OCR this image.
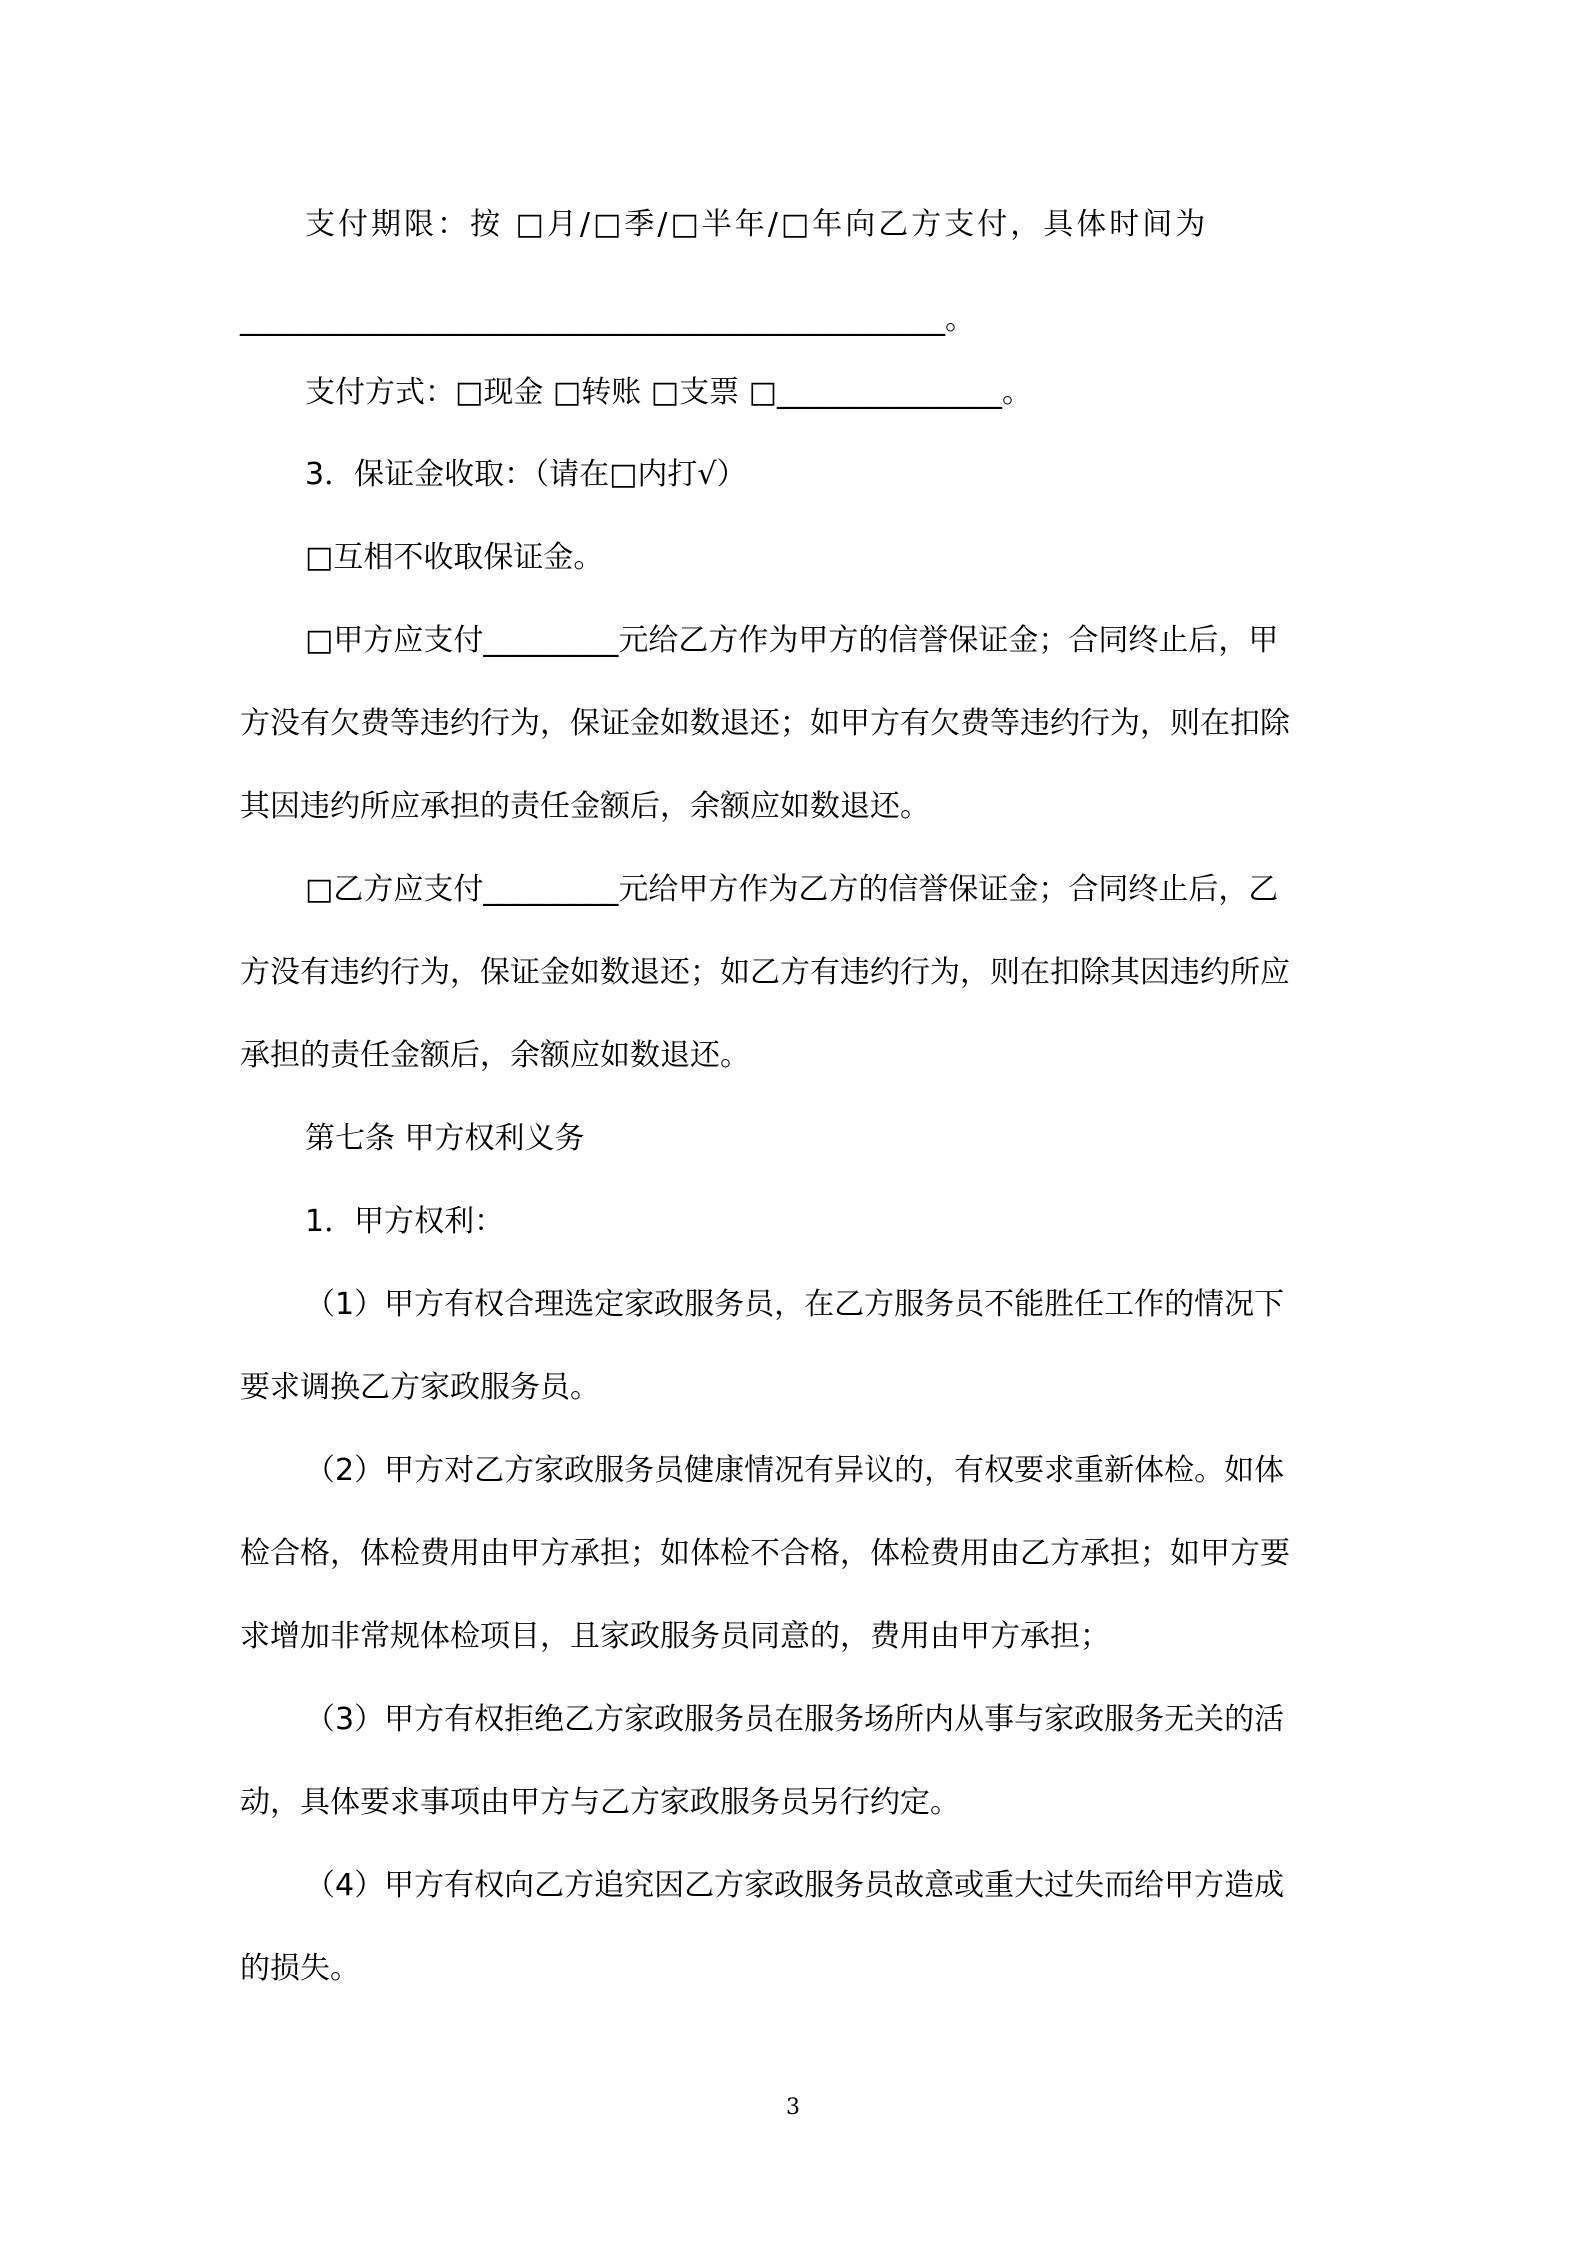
支付期限：按 □月/□季/□半年/□年向乙方支付，具体时间为
_______________________________________________。
支付方式：□现金 □转账 □支票 □_______________。
3．保证金收取：（请在□内打√）
□互相不收取保证金。
□甲方应支付_________元给乙方作为甲方的信誉保证金；合同终止后，甲
方没有欠费等违约行为，保证金如数退还；如甲方有欠费等违约行为，则在扣除
其因违约所应承担的责任金额后，余额应如数退还。
□乙方应支付_________元给甲方作为乙方的信誉保证金；合同终止后，乙
方没有违约行为，保证金如数退还；如乙方有违约行为，则在扣除其因违约所应
承担的责任金额后，余额应如数退还。
第七条 甲方权利义务
1．甲方权利：
（1）甲方有权合理选定家政服务员，在乙方服务员不能胜任工作的情况下
要求调换乙方家政服务员。
（2）甲方对乙方家政服务员健康情况有异议的，有权要求重新体检。如体
检合格，体检费用由甲方承担；如体检不合格，体检费用由乙方承担；如甲方要
求增加非常规体检项目，且家政服务员同意的，费用由甲方承担；
（3）甲方有权拒绝乙方家政服务员在服务场所内从事与家政服务无关的活
动，具体要求事项由甲方与乙方家政服务员另行约定。
（4）甲方有权向乙方追究因乙方家政服务员故意或重大过失而给甲方造成
的损失。
3
